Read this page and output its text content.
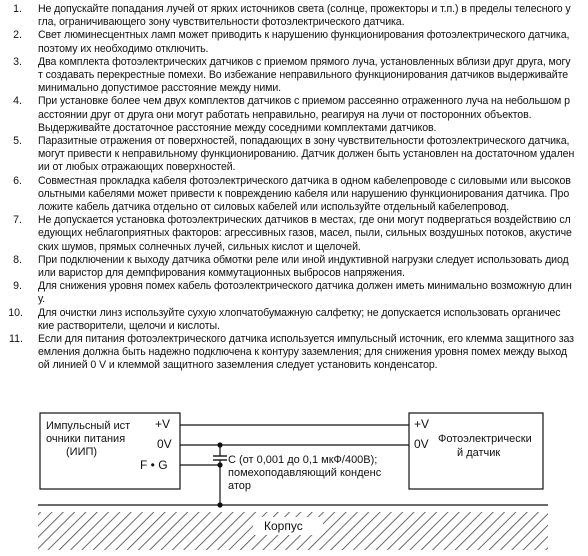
1. Не допускайте попадания лучей от ярких источников света (солнце, прожекторы и т.п.) в пределы телесного у
гла, ограничивающего зону чувствительности фотоэлектрического датчика.
2. Свет люминесцентных ламп может приводить к нарушению функционирования фотоэлектрического датчика,
поэтому их необходимо отключить.
3. Два комплекта фотоэлектрических датчиков с приемом прямого луча, установленных вблизи друг друга, могу
т создавать перекрестные помехи. Во избежание неправильного функционирования датчиков выдерживайте
минимально допустимое расстояние между ними.
4. При установке более чем двух комплектов датчиков с приемом рассеянно отраженного луча на небольшом р
асстоянии друг от друга они могут работать неправильно, реагируя на лучи от посторонних объектов.
Выдерживайте достаточное расстояние между соседними комплектами датчиков.
5. Паразитные отражения от поверхностей, попадающих в зону чувствительности фотоэлектрического датчика,
могут привести к неправильному функционированию. Датчик должен быть установлен на достаточном удален
ии от любых отражающих поверхностей.
6. Совместная прокладка кабеля фотоэлектрического датчика в одном кабелепроводе с силовыми или высоков
ольтными кабелями может привести к повреждению кабеля или нарушению функционирования датчика. Про
ложите кабель датчика отдельно от силовых кабелей или используйте отдельный кабелепровод.
7. Не допускается установка фотоэлектрических датчиков в местах, где они могут подвергаться воздействию сл
едующих неблагоприятных факторов: агрессивных газов, масел, пыли, сильных воздушных потоков, акустиче
ских шумов, прямых солнечных лучей, сильных кислот и щелочей.
8. При подключении к выходу датчика обмотки реле или иной индуктивной нагрузки следует использовать диод
или варистор для демпфирования коммутационных выбросов напряжения.
9. Для снижения уровня помех кабель фотоэлектрического датчика должен иметь минимально возможную длин
у.
10. Для очистки линз используйте сухую хлопчатобумажную салфетку; не допускается использовать органичес
кие растворители, щелочи и кислоты.
11. Если для питания фотоэлектрического датчика используется импульсный источник, его клемма защитного заз
емления должна быть надежно подключена к контуру заземления; для снижения уровня помех между выход
ой линией 0 V и клеммой защитного заземления следует установить конденсатор.
Импульсный ист
очники питания
(ИИП)
+V
0V
F • G
+V
0V Фотоэлектрически
й датчик
C (от 0,001 до 0,1 мкФ/400B);
помехоподавляющий конденс
атор
Корпус
